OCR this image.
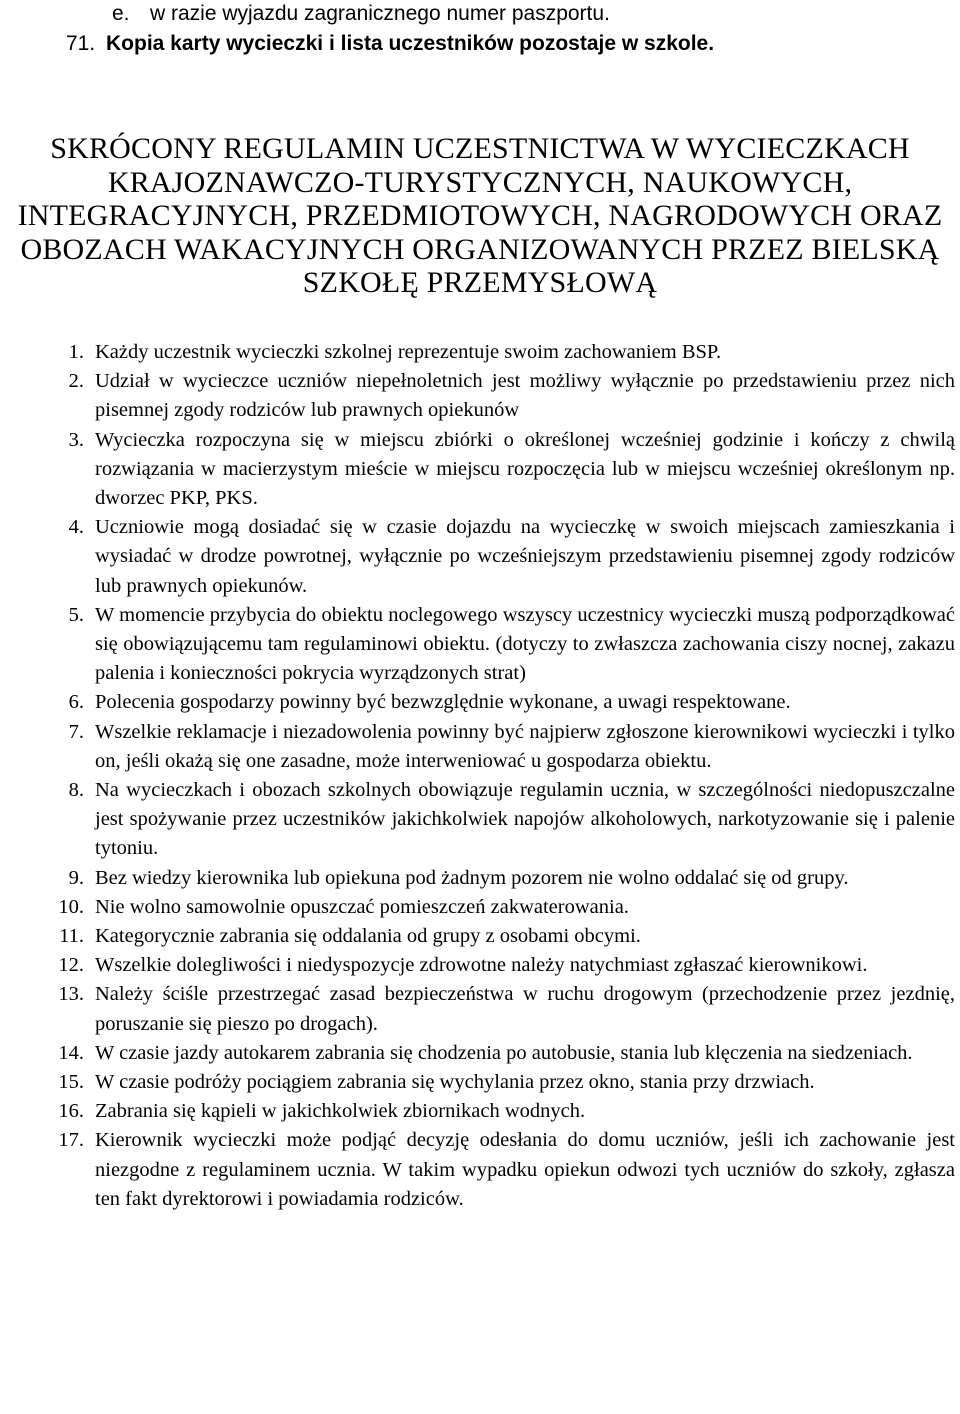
e. w razie wyjazdu zagranicznego numer paszportu.
71. Kopia karty wycieczki i lista uczestników pozostaje w szkole.
SKRÓCONY REGULAMIN UCZESTNICTWA W WYCIECZKACH
KRAJOZNAWCZO-TURYSTYCZNYCH, NAUKOWYCH,
INTEGRACYJNYCH, PRZEDMIOTOWYCH, NAGRODOWYCH ORAZ
OBOZACH WAKACYJNYCH ORGANIZOWANYCH PRZEZ BIELSKĄ
SZKOŁĘ PRZEMYSŁOWĄ
1. Każdy uczestnik wycieczki szkolnej reprezentuje swoim zachowaniem BSP.
2. Udział w wycieczce uczniów niepełnoletnich jest możliwy wyłącznie po przedstawieniu przez nich pisemnej zgody rodziców lub prawnych opiekunów
3. Wycieczka rozpoczyna się w miejscu zbiórki o określonej wcześniej godzinie i kończy z chwilą rozwiązania w macierzystym mieście w miejscu rozpoczęcia lub w miejscu wcześniej określonym np. dworzec PKP, PKS.
4. Uczniowie mogą dosiadać się w czasie dojazdu na wycieczkę w swoich miejscach zamieszkania i wysiadać w drodze powrotnej, wyłącznie po wcześniejszym przedstawieniu pisemnej zgody rodziców lub prawnych opiekunów.
5. W momencie przybycia do obiektu noclegowego wszyscy uczestnicy wycieczki muszą podporządkować się obowiązującemu tam regulaminowi obiektu. (dotyczy to zwłaszcza zachowania ciszy nocnej, zakazu palenia i konieczności pokrycia wyrządzonych strat)
6. Polecenia gospodarzy powinny być bezwzględnie wykonane, a uwagi respektowane.
7. Wszelkie reklamacje i niezadowolenia powinny być najpierw zgłoszone kierownikowi wycieczki i tylko on, jeśli okażą się one zasadne, może interweniować u gospodarza obiektu.
8. Na wycieczkach i obozach szkolnych obowiązuje regulamin ucznia, w szczególności niedopuszczalne jest spożywanie przez uczestników jakichkolwiek napojów alkoholowych, narkotyzowanie się i palenie tytoniu.
9. Bez wiedzy kierownika lub opiekuna pod żadnym pozorem nie wolno oddalać się od grupy.
10. Nie wolno samowolnie opuszczać pomieszczeń zakwaterowania.
11. Kategorycznie zabrania się oddalania od grupy z osobami obcymi.
12. Wszelkie dolegliwości i niedyspozycje zdrowotne należy natychmiast zgłaszać kierownikowi.
13. Należy ściśle przestrzegać zasad bezpieczeństwa w ruchu drogowym (przechodzenie przez jezdnię, poruszanie się pieszo po drogach).
14. W czasie jazdy autokarem zabrania się chodzenia po autobusie, stania lub klęczenia na siedzeniach.
15. W czasie podróży pociągiem zabrania się wychylania przez okno, stania przy drzwiach.
16. Zabrania się kąpieli w jakichkolwiek zbiornikach wodnych.
17. Kierownik wycieczki może podjąć decyzję odesłania do domu uczniów, jeśli ich zachowanie jest niezgodne z regulaminem ucznia. W takim wypadku opiekun odwozi tych uczniów do szkoły, zgłasza ten fakt dyrektorowi i powiadamia rodziców.
